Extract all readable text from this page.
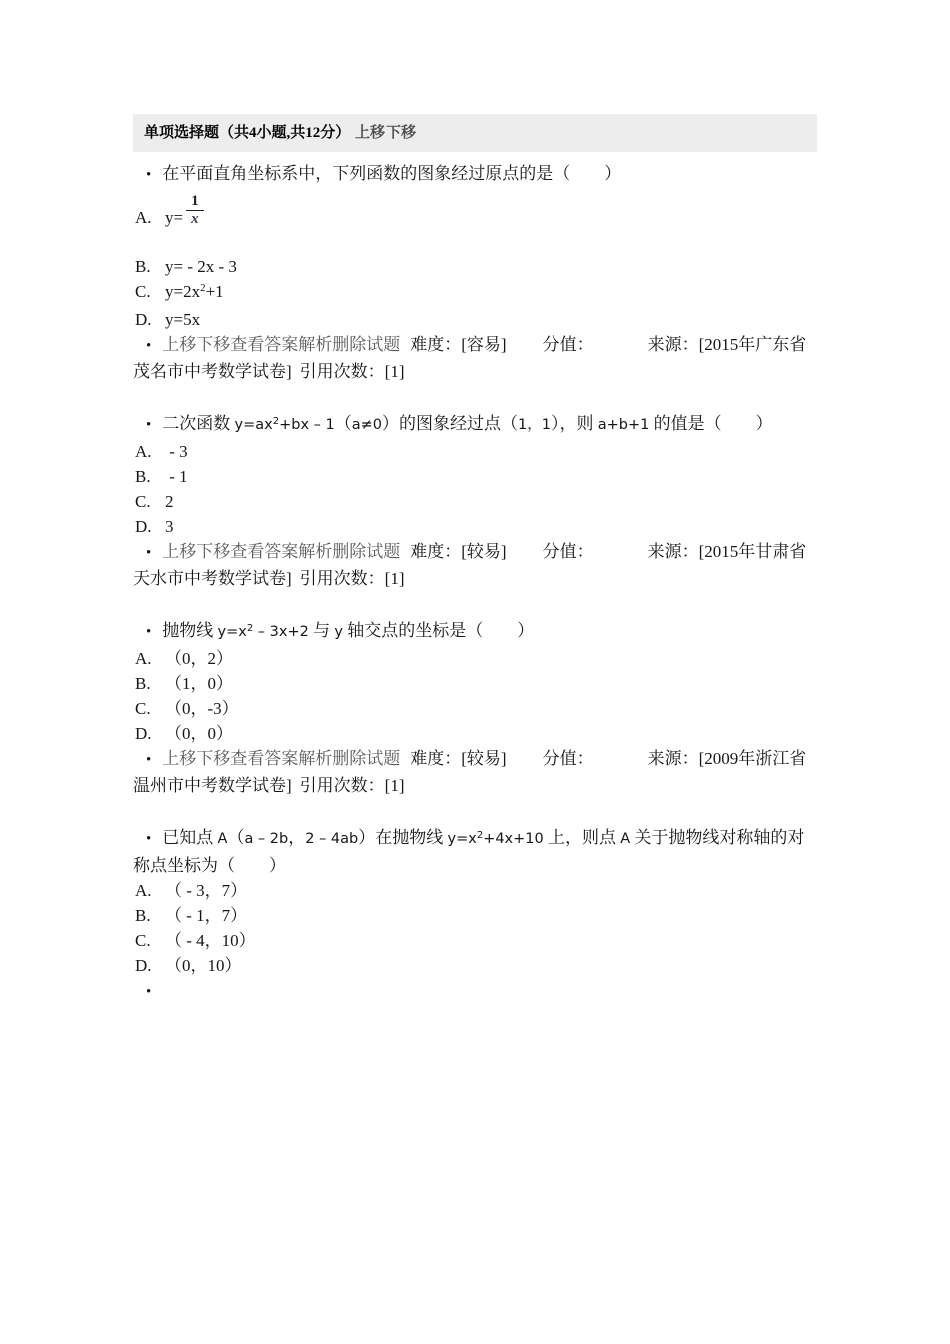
单项选择题（共4小题,共12分） 上移下移
• 在平面直角坐标系中，下列函数的图象经过原点的是（　　）
A. $y= \frac{1}{x}$
B. y= - 2x - 3
C. $y=2x^2+1$
D. y=5x
• 上移下移查看答案解析删除试题 难度：[容易] 分值：	来源：[2015年广东省茂名市中考数学试卷] 引用次数：[1]
• 二次函数 $y=ax^2+bx - 1(a\ne 0)$的图象经过点（1，1），则 a+b+1 的值是（　　）
A. - 3
B. - 1
C. 2
D. 3
• 上移下移查看答案解析删除试题 难度：[较易] 分值：	来源：[2015年甘肃省天水市中考数学试卷] 引用次数：[1]
• 抛物线 $y=x^2 - 3x+2$ 与 y 轴交点的坐标是（　　）
A. （0，2）
B. （1，0）
C. （0，-3）
D. （0，0）
• 上移下移查看答案解析删除试题 难度：[较易] 分值：	来源：[2009年浙江省温州市中考数学试卷] 引用次数：[1]
• 已知点 A（a – 2b，2 – 4ab）在抛物线 $y=x^2+4x+10$ 上，则点 A 关于抛物线对称轴的对称点坐标为（　　）
A. （ - 3，7）
B. （ - 1，7）
C. （ - 4，10）
D. （0，10）
•
